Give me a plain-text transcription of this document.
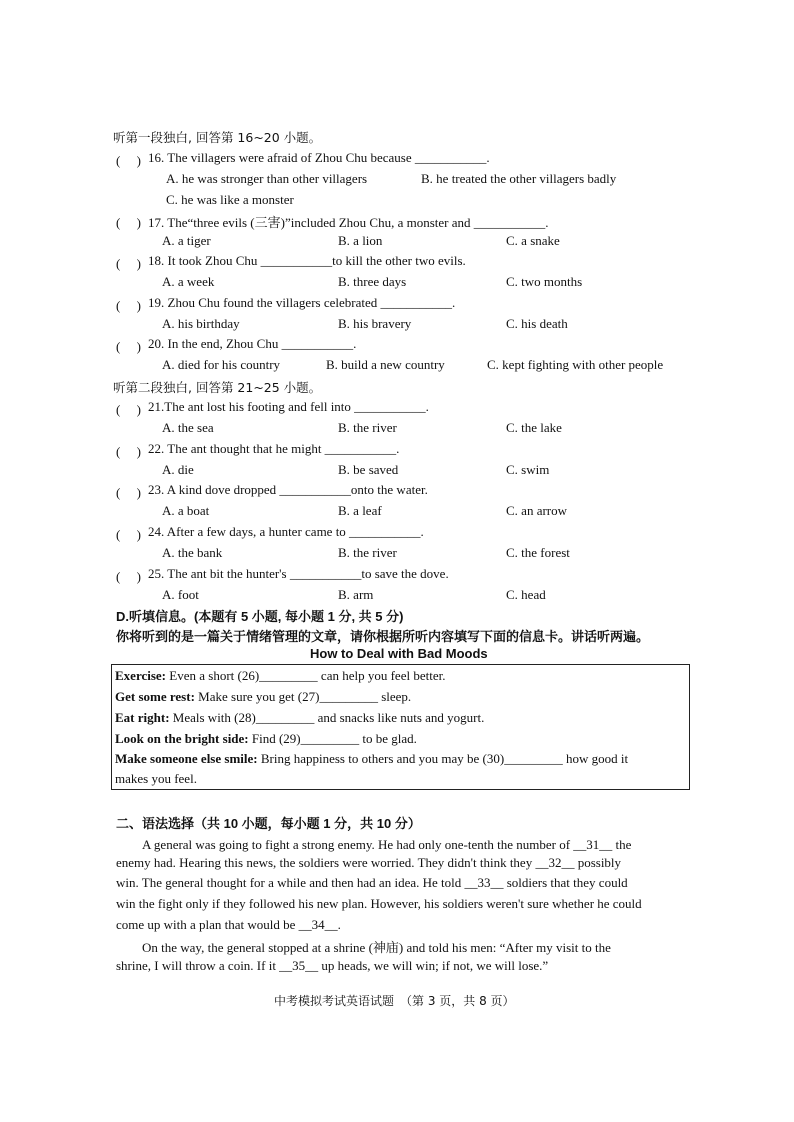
听第一段独白, 回答第 16~20 小题。
(　 ) 16. The villagers were afraid of Zhou Chu because ___________.
A. he was stronger than other villagers	B. he treated the other villagers badly
C. he was like a monster
(　 ) 17. The“three evils (三害)”included Zhou Chu, a monster and ___________.
A. a tiger	B. a lion	C. a snake
(　 ) 18. It took Zhou Chu ___________to kill the other two evils.
A. a week	B. three days	C. two months
(　 ) 19. Zhou Chu found the villagers celebrated ___________.
A. his birthday	B. his bravery	C. his death
(　 ) 20. In the end, Zhou Chu ___________.
A. died for his country	B. build a new country	C. kept fighting with other people
听第二段独白, 回答第 21~25 小题。
(　 ) 21.The ant lost his footing and fell into ___________.
A. the sea	B. the river	C. the lake
(　 ) 22. The ant thought that he might ___________.
A. die	B. be saved	C. swim
(　 ) 23. A kind dove dropped ___________onto the water.
A. a boat	B. a leaf	C. an arrow
(　 ) 24. After a few days, a hunter came to ___________.
A. the bank	B. the river	C. the forest
(　 ) 25. The ant bit the hunter's ___________to save the dove.
A. foot	B. arm	C. head
D.听填信息。(本题有 5 小题, 每小题 1 分, 共 5 分)
你将听到的是一篇关于情绪管理的文章，请你根据所听内容填写下面的信息卡。讲话听两遍。
How to Deal with Bad Moods
Exercise: Even a short (26)_________ can help you feel better.
Get some rest: Make sure you get (27)_________ sleep.
Eat right: Meals with (28)_________ and snacks like nuts and yogurt.
Look on the bright side: Find (29)_________ to be glad.
Make someone else smile: Bring happiness to others and you may be (30)_________ how good it
makes you feel.
二、语法选择（共 10 小题，每小题 1 分，共 10 分）
　　A general was going to fight a strong enemy. He had only one-tenth the number of __31__ the
enemy had. Hearing this news, the soldiers were worried. They didn't think they __32__ possibly
win. The general thought for a while and then had an idea. He told __33__ soldiers that they could
win the fight only if they followed his new plan. However, his soldiers weren't sure whether he could
come up with a plan that would be __34__.
　　On the way, the general stopped at a shrine (神庙) and told his men: “After my visit to the
shrine, I will throw a coin. If it __35__ up heads, we will win; if not, we will lose.”
中考模拟考试英语试题　（第 3 页，共 8 页）
